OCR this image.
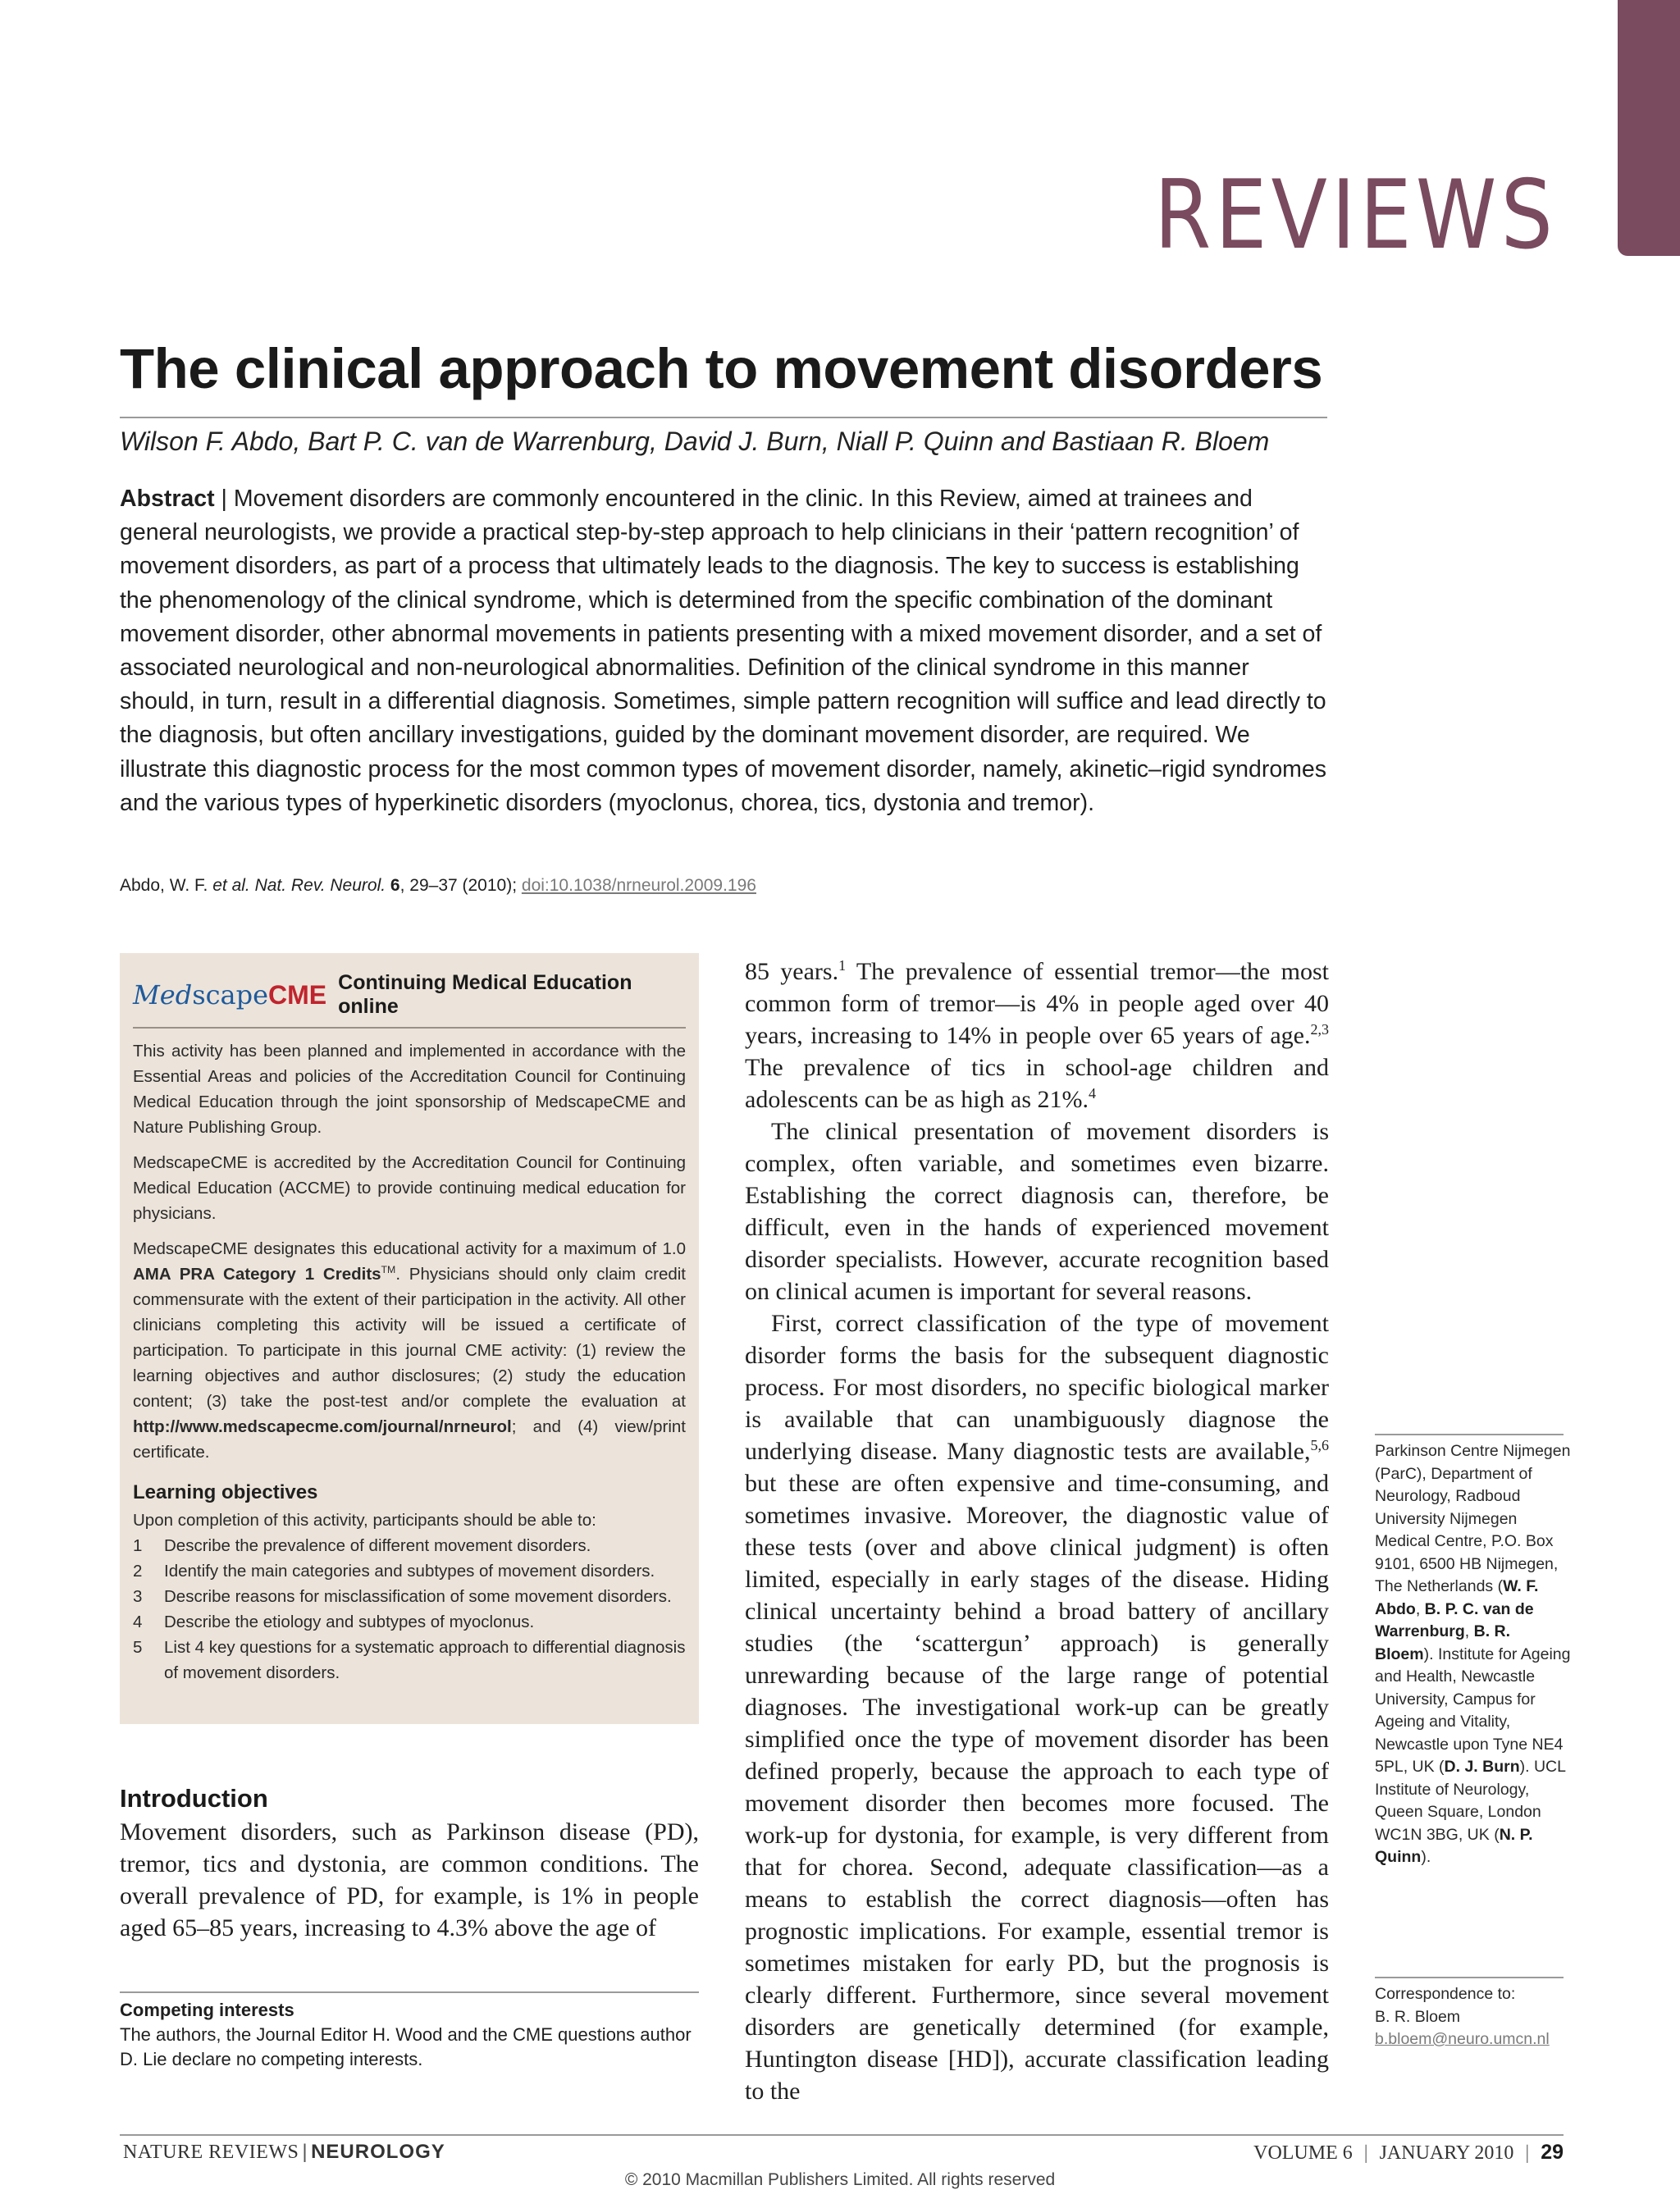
REVIEWS
The clinical approach to movement disorders
Wilson F. Abdo, Bart P. C. van de Warrenburg, David J. Burn, Niall P. Quinn and Bastiaan R. Bloem

Abstract | Movement disorders are commonly encountered in the clinic. In this Review, aimed at trainees and general neurologists, we provide a practical step-by-step approach to help clinicians in their ‘pattern recognition’ of movement disorders, as part of a process that ultimately leads to the diagnosis. The key to success is establishing the phenomenology of the clinical syndrome, which is determined from the specific combination of the dominant movement disorder, other abnormal movements in patients presenting with a mixed movement disorder, and a set of associated neurological and non-neurological abnormalities. Definition of the clinical syndrome in this manner should, in turn, result in a differential diagnosis. Sometimes, simple pattern recognition will suffice and lead directly to the diagnosis, but often ancillary investigations, guided by the dominant movement disorder, are required. We illustrate this diagnostic process for the most common types of movement disorder, namely, akinetic–rigid syndromes and the various types of hyperkinetic disorders (myoclonus, chorea, tics, dystonia and tremor).

Abdo, W. F. et al. Nat. Rev. Neurol. 6, 29–37 (2010); doi:10.1038/nrneurol.2009.196
MedscapeCME Continuing Medical Education online

This activity has been planned and implemented in accordance with the Essential Areas and policies of the Accreditation Council for Continuing Medical Education through the joint sponsorship of MedscapeCME and Nature Publishing Group.

MedscapeCME is accredited by the Accreditation Council for Continuing Medical Education (ACCME) to provide continuing medical education for physicians.

MedscapeCME designates this educational activity for a maximum of 1.0 AMA PRA Category 1 Credits™. Physicians should only claim credit commensurate with the extent of their participation in the activity. All other clinicians completing this activity will be issued a certificate of participation. To participate in this journal CME activity: (1) review the learning objectives and author disclosures; (2) study the education content; (3) take the post-test and/or complete the evaluation at http://www.medscapecme.com/journal/nrneurol; and (4) view/print certificate.

Learning objectives
Upon completion of this activity, participants should be able to:
1	Describe the prevalence of different movement disorders.
2	Identify the main categories and subtypes of movement disorders.
3	Describe reasons for misclassification of some movement disorders.
4	Describe the etiology and subtypes of myoclonus.
5	List 4 key questions for a systematic approach to differential diagnosis of movement disorders.
Introduction

Movement disorders, such as Parkinson disease (PD), tremor, tics and dystonia, are common conditions. The overall prevalence of PD, for example, is 1% in people aged 65–85 years, increasing to 4.3% above the age of

Competing interests

The authors, the Journal Editor H. Wood and the CME questions author D. Lie declare no competing interests.

85 years.$^1$ The prevalence of essential tremor—the most common form of tremor—is 4% in people aged over 40 years, increasing to 14% in people over 65 years of age.$^{2,3}$ The prevalence of tics in school-age children and adolescents can be as high as 21%.$^4$

The clinical presentation of movement disorders is complex, often variable, and sometimes even bizarre. Establishing the correct diagnosis can, therefore, be difficult, even in the hands of experienced movement disorder specialists. However, accurate recognition based on clinical acumen is important for several reasons.

First, correct classification of the type of movement disorder forms the basis for the subsequent diagnostic process. For most disorders, no specific biological marker is available that can unambiguously diagnose the underlying disease. Many diagnostic tests are available,$^{5,6}$ but these are often expensive and time-consuming, and sometimes invasive. Moreover, the diagnostic value of these tests (over and above clinical judgment) is often limited, especially in early stages of the disease. Hiding clinical uncertainty behind a broad battery of ancillary studies (the ‘scattergun’ approach) is generally unrewarding because of the large range of potential diagnoses. The investigational work-up can be greatly simplified once the type of movement disorder has been defined properly, because the approach to each type of movement disorder then becomes more focused. The work-up for dystonia, for example, is very different from that for chorea. Second, adequate classification—as a means to establish the correct diagnosis—often has prognostic implications. For example, essential tremor is sometimes mistaken for early PD, but the prognosis is clearly different. Furthermore, since several movement disorders are genetically determined (for example, Huntington disease [HD]), accurate classification leading to the

Parkinson Centre Nijmegen (ParC), Department of Neurology, Radboud University Nijmegen Medical Centre, P.O. Box 9101, 6500 HB Nijmegen, The Netherlands (W. F. Abdo, B. P. C. van de Warrenburg, B. R. Bloem). Institute for Ageing and Health, Newcastle University, Campus for Ageing and Vitality, Newcastle upon Tyne NE4 5PL, UK (D. J. Burn). UCL Institute of Neurology, Queen Square, London WC1N 3BG, UK (N. P. Quinn).

Correspondence to:
B. R. Bloem
b.bloem@neuro.umcn.nl
NATURE REVIEWS | NEUROLOGY	VOLUME 6 | JANUARY 2010 | 29
© 2010 Macmillan Publishers Limited. All rights reserved
